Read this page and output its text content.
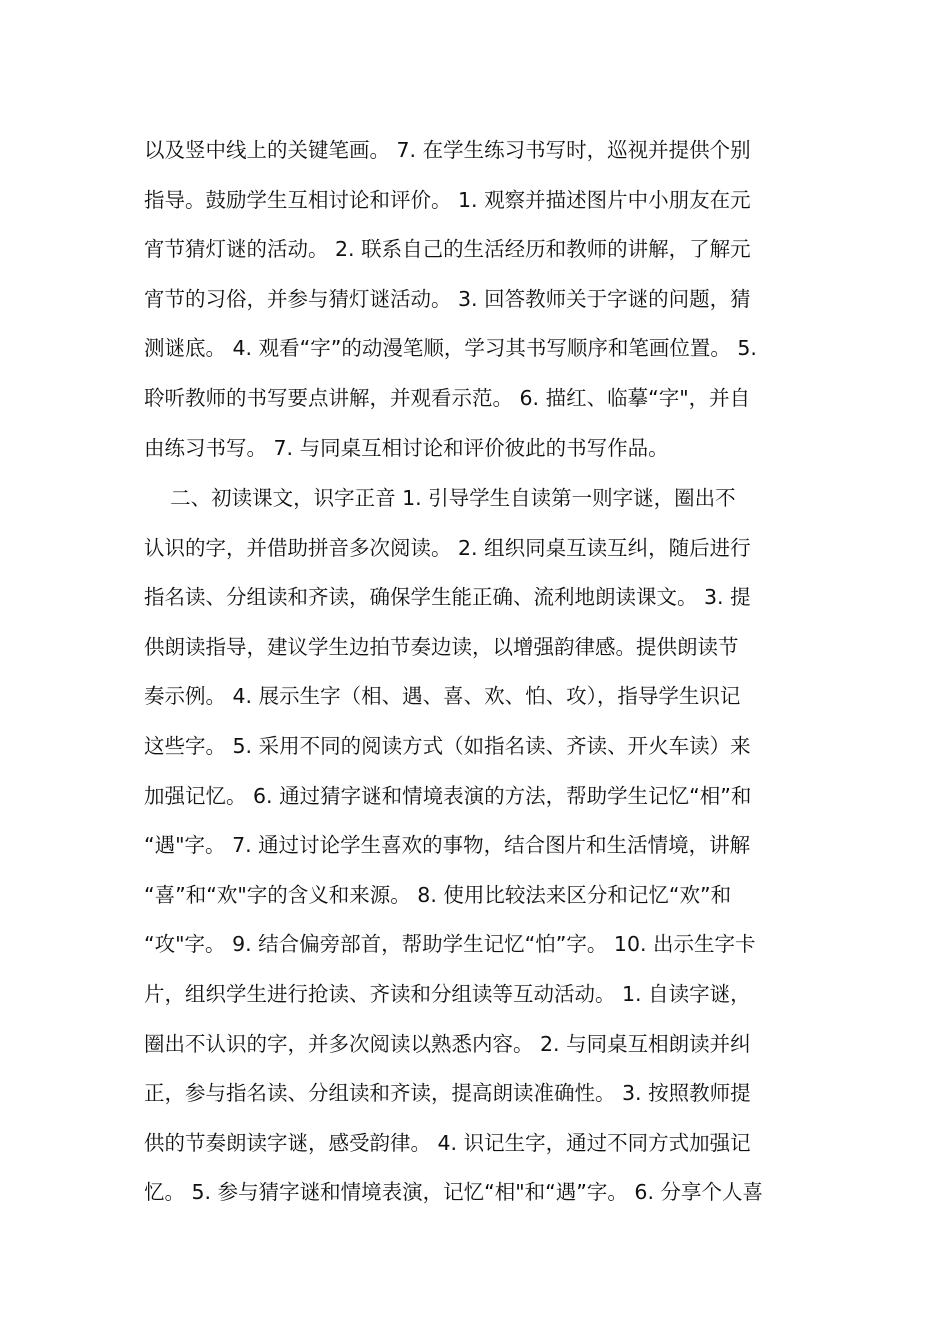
以及竖中线上的关键笔画。 7. 在学生练习书写时，巡视并提供个别
指导。鼓励学生互相讨论和评价。 1. 观察并描述图片中小朋友在元
宵节猜灯谜的活动。 2. 联系自己的生活经历和教师的讲解，了解元
宵节的习俗，并参与猜灯谜活动。 3. 回答教师关于字谜的问题，猜
测谜底。 4. 观看“字”的动漫笔顺，学习其书写顺序和笔画位置。 5.
聆听教师的书写要点讲解，并观看示范。 6. 描红、临摹“字"，并自
由练习书写。 7. 与同桌互相讨论和评价彼此的书写作品。
二、初读课文，识字正音 1. 引导学生自读第一则字谜，圈出不
认识的字，并借助拼音多次阅读。 2. 组织同桌互读互纠，随后进行
指名读、分组读和齐读，确保学生能正确、流利地朗读课文。 3. 提
供朗读指导，建议学生边拍节奏边读，以增强韵律感。提供朗读节
奏示例。 4. 展示生字（相、遇、喜、欢、怕、攻），指导学生识记
这些字。 5. 采用不同的阅读方式（如指名读、齐读、开火车读）来
加强记忆。 6. 通过猜字谜和情境表演的方法，帮助学生记忆“相”和
“遇"字。 7. 通过讨论学生喜欢的事物，结合图片和生活情境，讲解
“喜”和“欢"字的含义和来源。 8. 使用比较法来区分和记忆“欢”和
“攻"字。 9. 结合偏旁部首，帮助学生记忆“怕”字。 10. 出示生字卡
片，组织学生进行抢读、齐读和分组读等互动活动。 1. 自读字谜，
圈出不认识的字，并多次阅读以熟悉内容。 2. 与同桌互相朗读并纠
正，参与指名读、分组读和齐读，提高朗读准确性。 3. 按照教师提
供的节奏朗读字谜，感受韵律。 4. 识记生字，通过不同方式加强记
忆。 5. 参与猜字谜和情境表演，记忆“相"和“遇”字。 6. 分享个人喜
